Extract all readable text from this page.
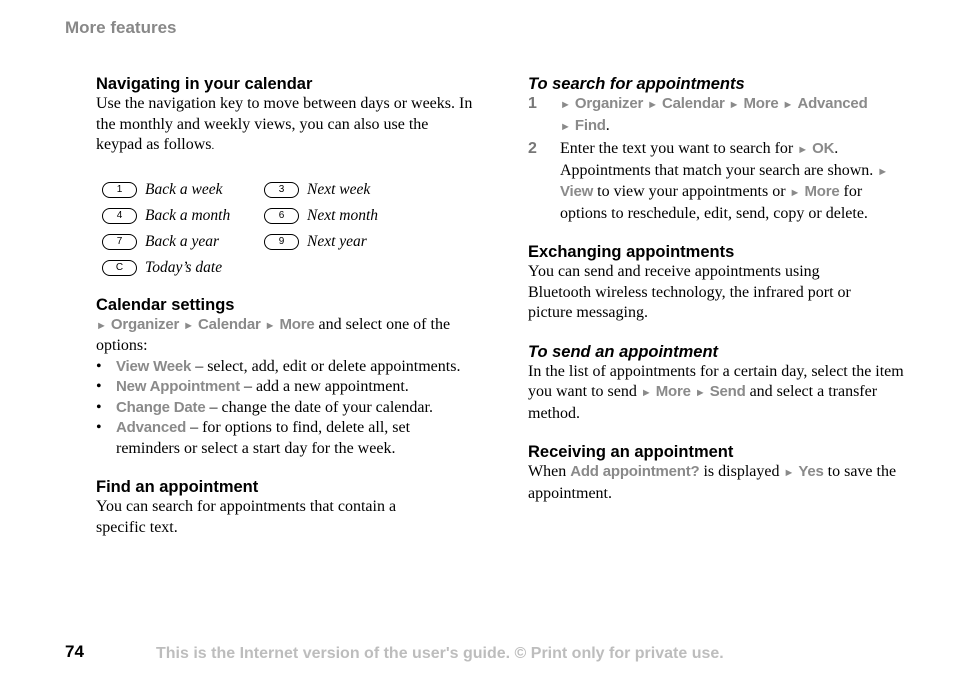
More features
Navigating in your calendar

Use the navigation key to move between days or weeks. In the monthly and weekly views, you can also use the keypad as follows.

1	Back a week	3	Next week
4	Back a month	6	Next month
7	Back a year	9	Next year
C	Today’s date
Calendar settings

► Organizer ► Calendar ► More and select one of the options:

• View Week – select, add, edit or delete appointments.
• New Appointment – add a new appointment.
• Change Date – change the date of your calendar.
• Advanced – for options to find, delete all, set reminders or select a start day for the week.
Find an appointment

You can search for appointments that contain a specific text.

To search for appointments
1 ► Organizer ► Calendar ► More ► Advanced
► Find.
2 Enter the text you want to search for ► OK. Appointments that match your search are shown. ► View to view your appointments or ► More for options to reschedule, edit, send, copy or delete.
Exchanging appointments

You can send and receive appointments using Bluetooth wireless technology, the infrared port or picture messaging.

To send an appointment

In the list of appointments for a certain day, select the item you want to send ► More ► Send and select a transfer method.

Receiving an appointment

When Add appointment? is displayed ► Yes to save the appointment.

74	This is the Internet version of the user's guide. © Print only for private use.
